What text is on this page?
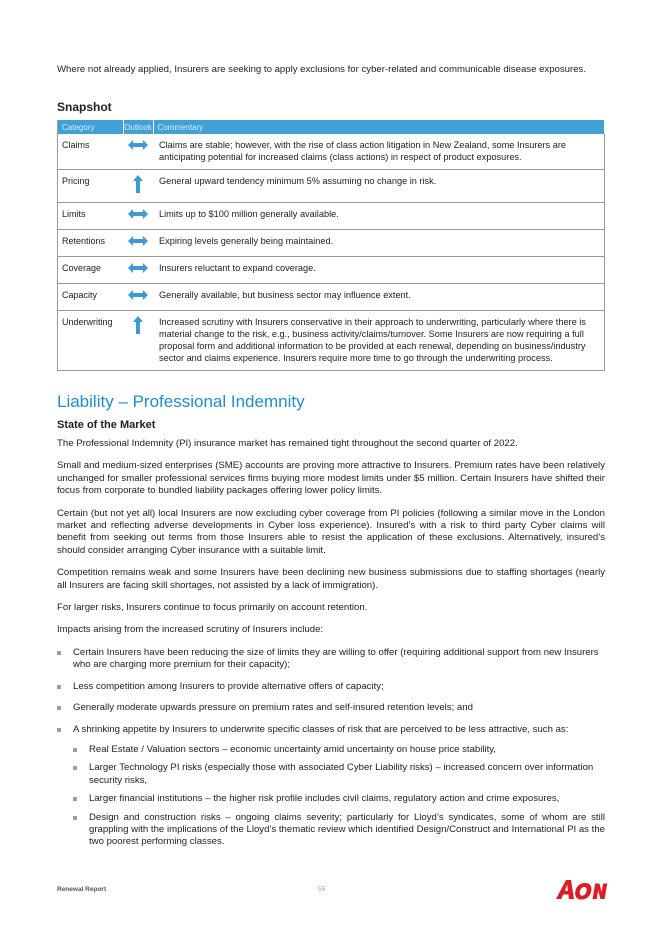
Where not already applied, Insurers are seeking to apply exclusions for cyber-related and communicable disease exposures.

Snapshot
Category	Outlook	Commentary
Claims		Claims are stable; however, with the rise of class action litigation in New Zealand, some Insurers are anticipating potential for increased claims (class actions) in respect of product exposures.
Pricing		General upward tendency minimum 5% assuming no change in risk.
Limits		Limits up to $100 million generally available.
Retentions		Expiring levels generally being maintained.
Coverage		Insurers reluctant to expand coverage.
Capacity		Generally available, but business sector may influence extent.
Underwriting		Increased scrutiny with Insurers conservative in their approach to underwriting, particularly where there is material change to the risk, e.g., business activity/claims/turnover. Some Insurers are now requiring a full proposal form and additional information to be provided at each renewal, depending on business/industry sector and claims experience. Insurers require more time to go through the underwriting process.
Liability – Professional Indemnity
State of the Market

The Professional Indemnity (PI) insurance market has remained tight throughout the second quarter of 2022.

Small and medium-sized enterprises (SME) accounts are proving more attractive to Insurers. Premium rates have been relatively unchanged for smaller professional services firms buying more modest limits under $5 million. Certain Insurers have shifted their focus from corporate to bundled liability packages offering lower policy limits.

Certain (but not yet all) local Insurers are now excluding cyber coverage from PI policies (following a similar move in the London market and reflecting adverse developments in Cyber loss experience). Insured’s with a risk to third party Cyber claims will benefit from seeking out terms from those Insurers able to resist the application of these exclusions. Alternatively, insured’s should consider arranging Cyber insurance with a suitable limit.

Competition remains weak and some Insurers have been declining new business submissions due to staffing shortages (nearly all Insurers are facing skill shortages, not assisted by a lack of immigration).

For larger risks, Insurers continue to focus primarily on account retention.

Impacts arising from the increased scrutiny of Insurers include:

Certain Insurers have been reducing the size of limits they are willing to offer (requiring additional support from new Insurers who are charging more premium for their capacity);
Less competition among Insurers to provide alternative offers of capacity;
Generally moderate upwards pressure on premium rates and self-insured retention levels; and
A shrinking appetite by Insurers to underwrite specific classes of risk that are perceived to be less attractive, such as:
Real Estate / Valuation sectors – economic uncertainty amid uncertainty on house price stability,
Larger Technology PI risks (especially those with associated Cyber Liability risks) – increased concern over information security risks,
Larger financial institutions – the higher risk profile includes civil claims, regulatory action and crime exposures,
Design and construction risks – ongoing claims severity; particularly for Lloyd’s syndicates, some of whom are still grappling with the implications of the Lloyd’s thematic review which identified Design/Construct and International PI as the two poorest performing classes.
Renewal Report	55
